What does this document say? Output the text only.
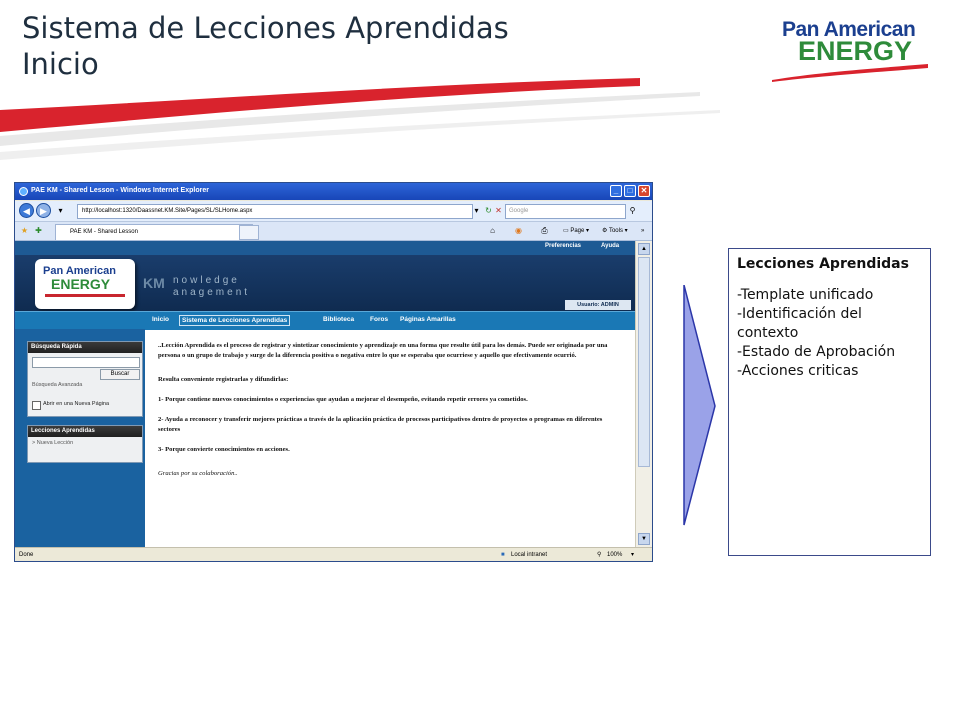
Sistema de Lecciones Aprendidas
Inicio
Pan American
ENERGY
PAE KM - Shared Lesson - Windows Internet Explorer	_	□	✕
◀	▶	▾	http://localhost:1320/Daassnet.KM.Site/Pages/SL/SLHome.aspx	▾ ↻ ✕	Google	⚲
★ ✚	PAE KM - Shared Lesson	⌂	◉ ⎙	▭ Page ▾ ⚙ Tools ▾ »
Preferencias	Ayuda
Pan American
ENERGY KM nowledge
anagement
Usuario: ADMIN
Inicio	Sistema de Lecciones Aprendidas	Biblioteca Foros Páginas Amarillas
Búsqueda Rápida
Buscar
Búsqueda Avanzada
Abrir en una Nueva Página
Lecciones Aprendidas
> Nueva Lección

..Lección Aprendida es el proceso de registrar y sintetizar conocimiento y aprendizaje en una forma que resulte útil para los demás. Puede ser originada por una persona o un grupo de trabajo y surge de la diferencia positiva o negativa entre lo que se esperaba que ocurriese y aquello que efectivamente ocurrió.

Resulta conveniente registrarlas y difundirlas:

1- Porque contiene nuevos conocimientos o experiencias que ayudan a mejorar el desempeño, evitando repetir errores ya cometidos.

2- Ayuda a reconocer y transferir mejores prácticas a través de la aplicación práctica de procesos participativos dentro de proyectos o programas en diferentes sectores

3- Porque convierte conocimientos en acciones.

Gracias por su colaboración..

▲
▼
Done	■ Local intranet	⚲ 100% ▾
Lecciones Aprendidas
-Template unificado
-Identificación del contexto
-Estado de Aprobación
-Acciones criticas
